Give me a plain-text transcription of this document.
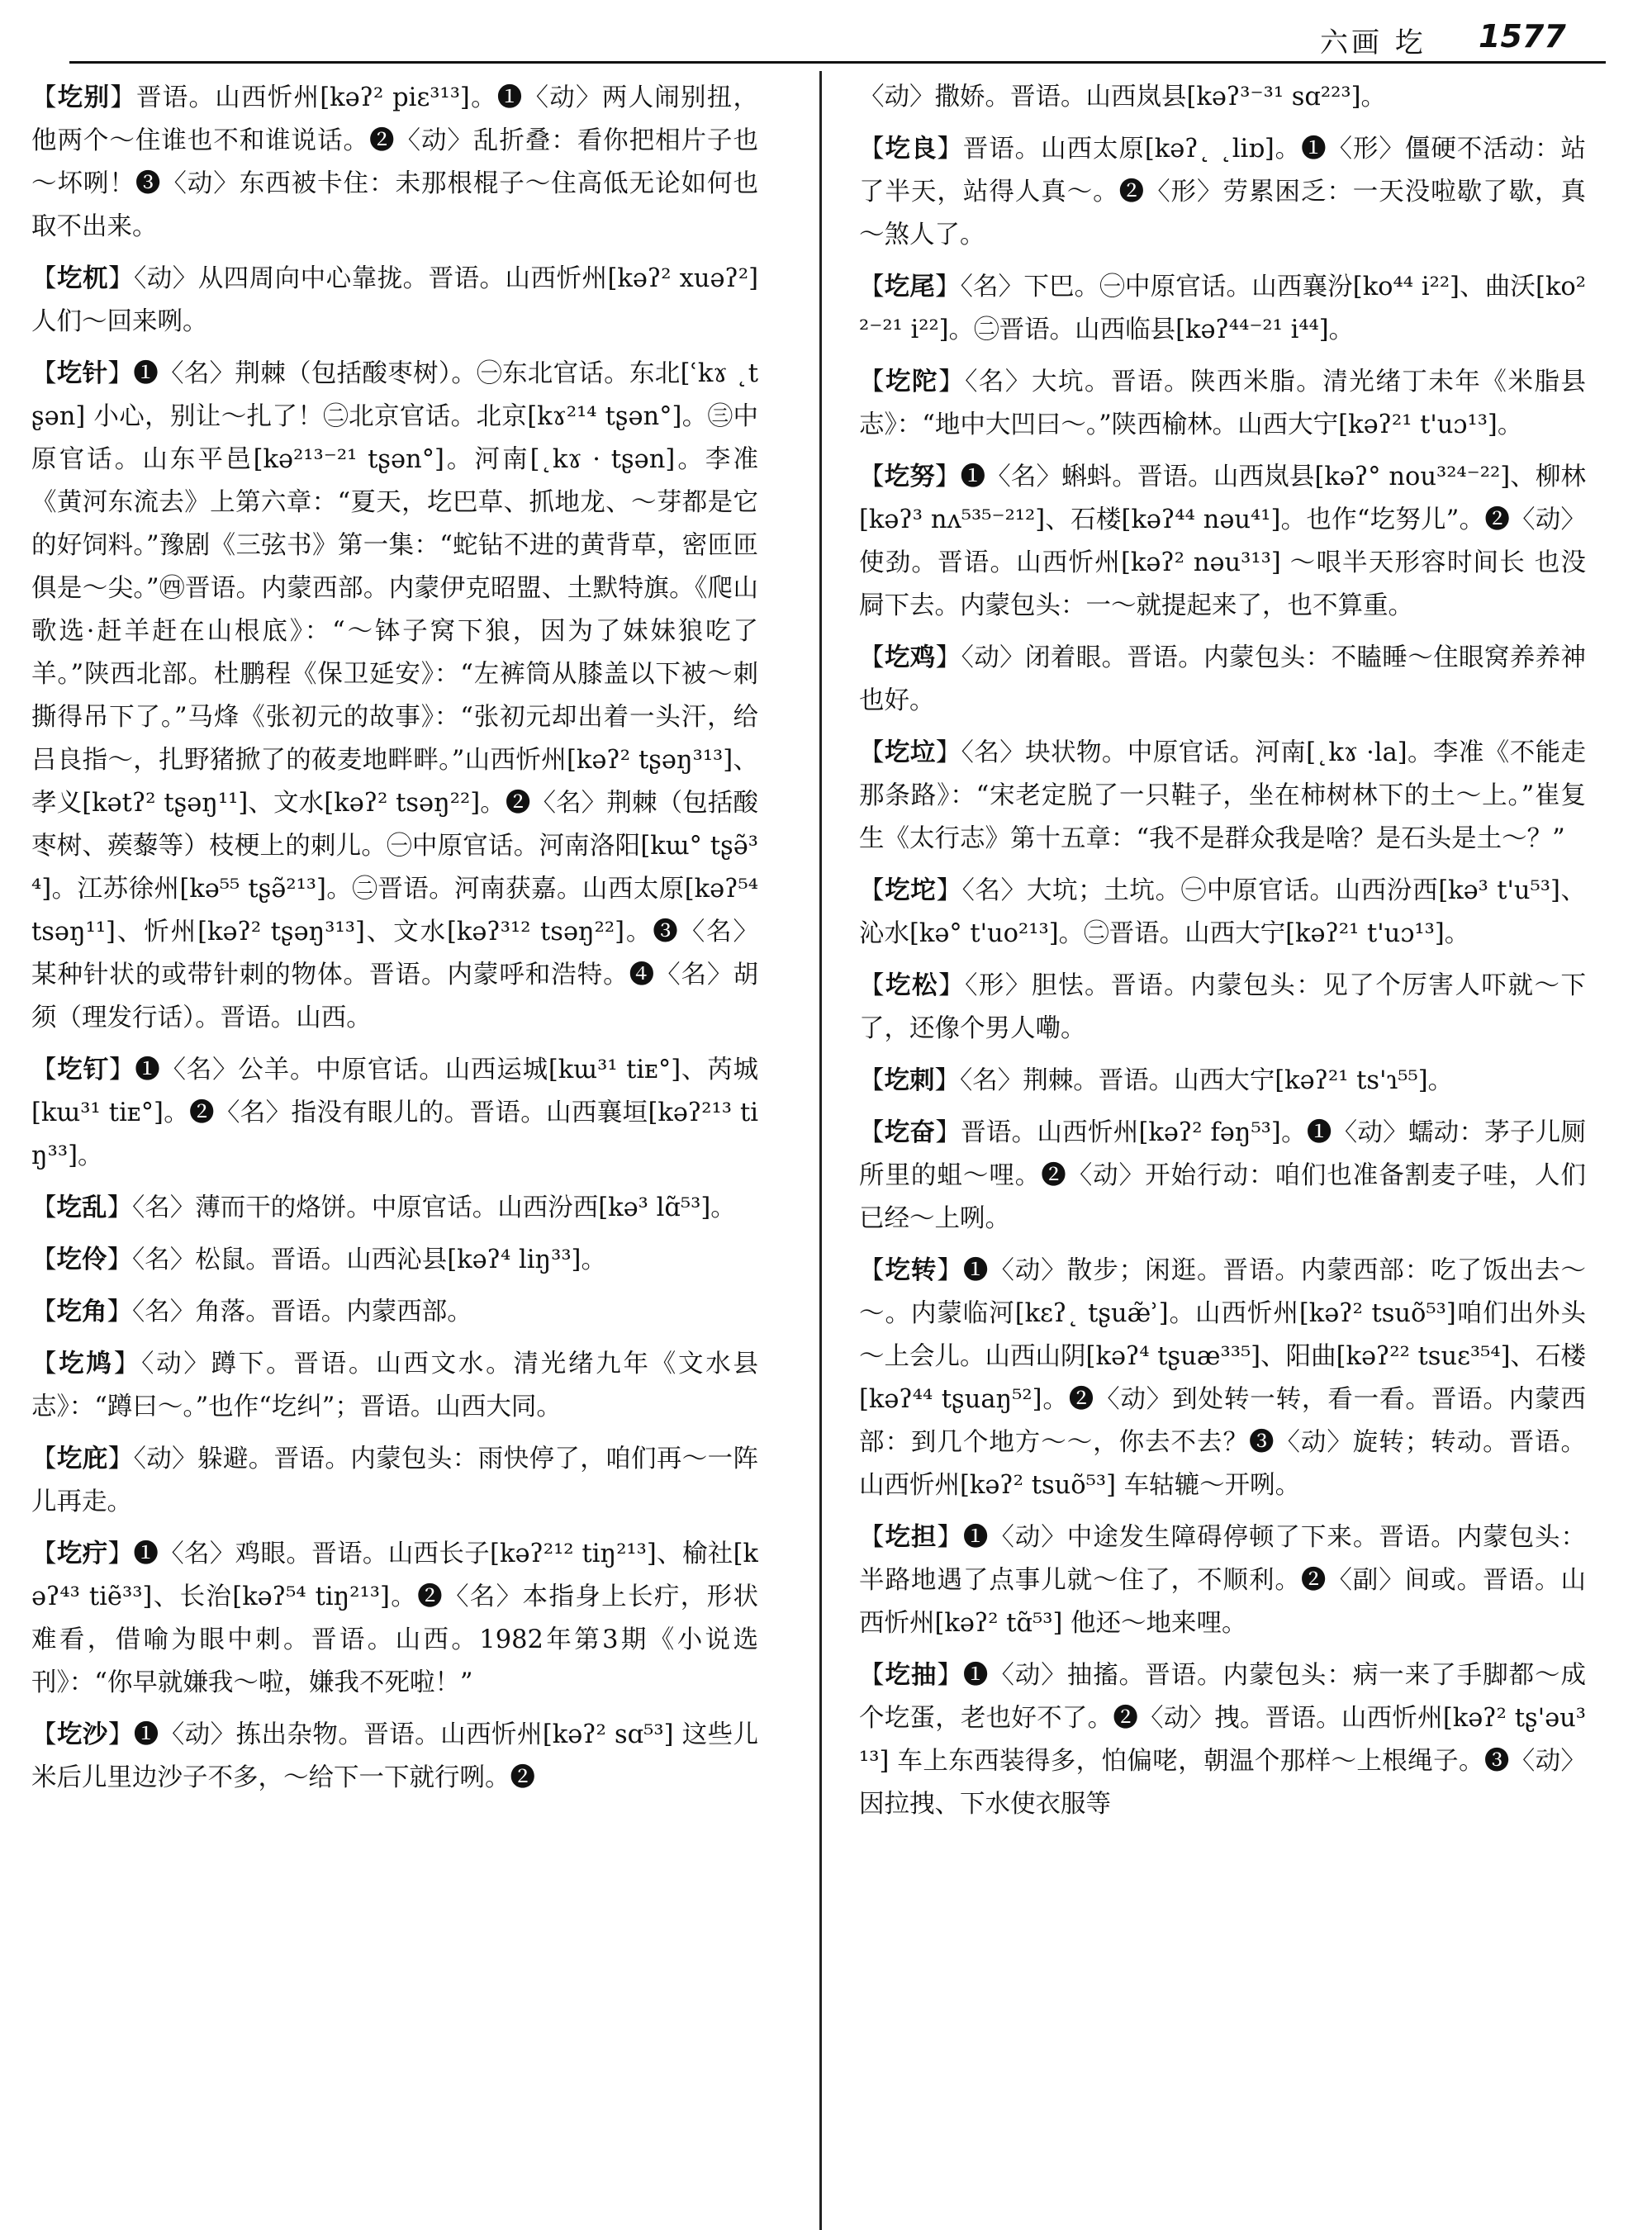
六画 圪 1577

【圪别】晋语。山西忻州[kəʔ² piɛ³¹³]。❶〈动〉两人闹别扭，他两个～住谁也不和谁说话。❷〈动〉乱折叠：看你把相片子也～坏咧！❸〈动〉东西被卡住：未那根棍子～住高低无论如何也取不出来。

【圪杌】〈动〉从四周向中心靠拢。晋语。山西忻州[kəʔ² xuəʔ²] 人们～回来咧。

【圪针】❶〈名〉荆棘（包括酸枣树）。㊀东北官话。东北[ʿkɤ ˛tʂən] 小心，别让～扎了！㊁北京官话。北京[kɤ²¹⁴ tʂən°]。㊂中原官话。山东平邑[kə²¹³⁻²¹ tʂən°]。河南[˛kɤ · tʂən]。李准《黄河东流去》上第六章：“夏天，圪巴草、抓地龙、～芽都是它的好饲料。”豫剧《三弦书》第一集：“蛇钻不进的黄背草，密匝匝俱是～尖。”㊃晋语。内蒙西部。内蒙伊克昭盟、土默特旗。《爬山歌选·赶羊赶在山根底》：“～钵子窝下狼，因为了妹妹狼吃了羊。”陕西北部。杜鹏程《保卫延安》：“左裤筒从膝盖以下被～刺撕得吊下了。”马烽《张初元的故事》：“张初元却出着一头汗，给吕良指～，扎野猪掀了的莜麦地畔畔。”山西忻州[kəʔ² tʂəŋ³¹³]、孝义[kətʔ² tʂəŋ¹¹]、文水[kəʔ² tsəŋ²²]。❷〈名〉荆棘（包括酸枣树、蒺藜等）枝梗上的刺儿。㊀中原官话。河南洛阳[kɯ° tʂə̃³⁴]。江苏徐州[kə⁵⁵ tʂə̃²¹³]。㊁晋语。河南获嘉。山西太原[kəʔ⁵⁴ tsəŋ¹¹]、忻州[kəʔ² tʂəŋ³¹³]、文水[kəʔ³¹² tsəŋ²²]。❸〈名〉某种针状的或带针刺的物体。晋语。内蒙呼和浩特。❹〈名〉胡须（理发行话）。晋语。山西。

【圪钉】❶〈名〉公羊。中原官话。山西运城[kɯ³¹ tiᴇ°]、芮城[kɯ³¹ tiᴇ°]。❷〈名〉指没有眼儿的。晋语。山西襄垣[kəʔ²¹³ tiŋ³³]。

【圪乱】〈名〉薄而干的烙饼。中原官话。山西汾西[kə³ lɑ̃⁵³]。

【圪伶】〈名〉松鼠。晋语。山西沁县[kəʔ⁴ liŋ³³]。

【圪角】〈名〉角落。晋语。内蒙西部。

【圪鸠】〈动〉蹲下。晋语。山西文水。清光绪九年《文水县志》：“蹲曰～。”也作“圪纠”；晋语。山西大同。

【圪庇】〈动〉躲避。晋语。内蒙包头：雨快停了，咱们再～一阵儿再走。

【圪疔】❶〈名〉鸡眼。晋语。山西长子[kəʔ²¹² tiŋ²¹³]、榆社[kəʔ⁴³ tiẽ³³]、长治[kəʔ⁵⁴ tiŋ²¹³]。❷〈名〉本指身上长疔，形状难看，借喻为眼中刺。晋语。山西。1982年第3期《小说选刊》：“你早就嫌我～啦，嫌我不死啦！”

【圪沙】❶〈动〉拣出杂物。晋语。山西忻州[kəʔ² sɑ⁵³] 这些儿米后儿里边沙子不多，～给下一下就行咧。❷

〈动〉撒娇。晋语。山西岚县[kəʔ³⁻³¹ sɑ²²³]。

【圪良】晋语。山西太原[kəʔ˛ ˛liɒ]。❶〈形〉僵硬不活动：站了半天，站得人真～。❷〈形〉劳累困乏：一天没啦歇了歇，真～煞人了。

【圪尾】〈名〉下巴。㊀中原官话。山西襄汾[ko⁴⁴ i²²]、曲沃[ko²²⁻²¹ i²²]。㊁晋语。山西临县[kəʔ⁴⁴⁻²¹ i⁴⁴]。

【圪陀】〈名〉大坑。晋语。陕西米脂。清光绪丁未年《米脂县志》：“地中大凹曰～。”陕西榆林。山西大宁[kəʔ²¹ t'uɔ¹³]。

【圪努】❶〈名〉蝌蚪。晋语。山西岚县[kəʔ° nou³²⁴⁻²²]、柳林[kəʔ³ nʌ⁵³⁵⁻²¹²]、石楼[kəʔ⁴⁴ nəu⁴¹]。也作“圪努儿”。❷〈动〉使劲。晋语。山西忻州[kəʔ² nəu³¹³] ～哏半天形容时间长 也没屙下去。内蒙包头：一～就提起来了，也不算重。

【圪鸡】〈动〉闭着眼。晋语。内蒙包头：不瞌睡～住眼窝养养神也好。

【圪垃】〈名〉块状物。中原官话。河南[˛kɤ ·la]。李准《不能走那条路》：“宋老定脱了一只鞋子，坐在柿树林下的土～上。”崔复生《太行志》第十五章：“我不是群众我是啥？是石头是土～？”

【圪坨】〈名〉大坑；土坑。㊀中原官话。山西汾西[kə³ t'u⁵³]、沁水[kə° t'uo²¹³]。㊁晋语。山西大宁[kəʔ²¹ t'uɔ¹³]。

【圪松】〈形〉胆怯。晋语。内蒙包头：见了个厉害人吓就～下了，还像个男人嘞。

【圪刺】〈名〉荆棘。晋语。山西大宁[kəʔ²¹ ts'ɿ⁵⁵]。

【圪奋】晋语。山西忻州[kəʔ² fəŋ⁵³]。❶〈动〉蠕动：茅子儿厕所里的蛆～哩。❷〈动〉开始行动：咱们也准备割麦子哇，人们已经～上咧。

【圪转】❶〈动〉散步；闲逛。晋语。内蒙西部：吃了饭出去～～。内蒙临河[kɛʔ˛ tʂuæ̃ʾ]。山西忻州[kəʔ² tsuõ⁵³]咱们出外头～上会儿。山西山阴[kəʔ⁴ tʂuæ³³⁵]、阳曲[kəʔ²² tsuɛ³⁵⁴]、石楼[kəʔ⁴⁴ tʂuaŋ⁵²]。❷〈动〉到处转一转，看一看。晋语。内蒙西部：到几个地方～～，你去不去？❸〈动〉旋转；转动。晋语。山西忻州[kəʔ² tsuõ⁵³] 车轱辘～开咧。

【圪担】❶〈动〉中途发生障碍停顿了下来。晋语。内蒙包头：半路地遇了点事儿就～住了，不顺利。❷〈副〉间或。晋语。山西忻州[kəʔ² tɑ̃⁵³] 他还～地来哩。

【圪抽】❶〈动〉抽搐。晋语。内蒙包头：病一来了手脚都～成个圪蛋，老也好不了。❷〈动〉拽。晋语。山西忻州[kəʔ² tʂ'əu³¹³] 车上东西装得多，怕偏咾，朝温个那样～上根绳子。❸〈动〉因拉拽、下水使衣服等
